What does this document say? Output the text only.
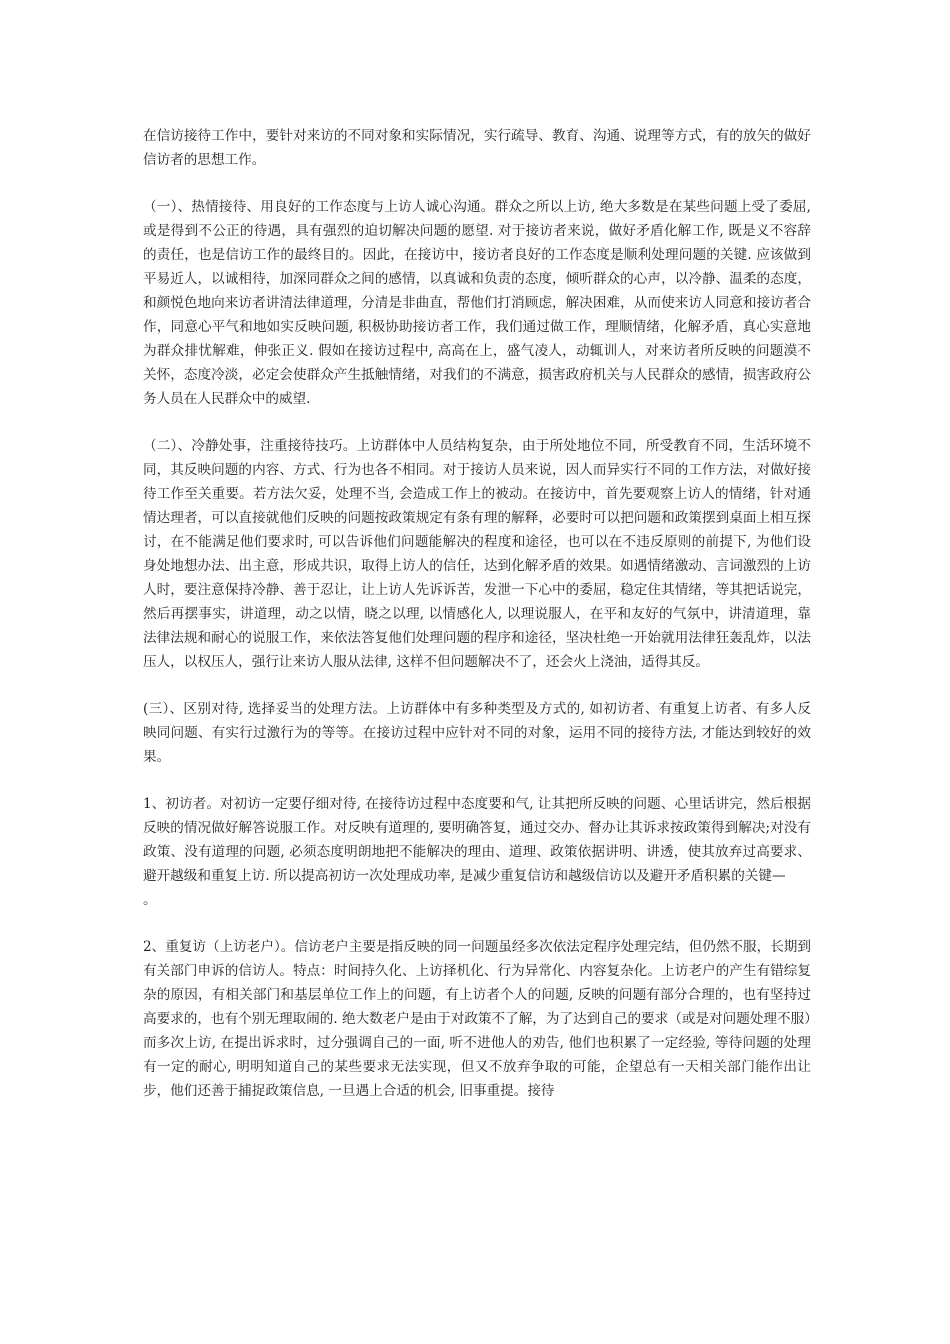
在信访接待工作中，要针对来访的不同对象和实际情况，实行疏导、教育、沟通、说理等方式，有的放矢的做好信访者的思想工作。

（一）、热情接待、用良好的工作态度与上访人诚心沟通。群众之所以上访, 绝大多数是在某些问题上受了委屈, 或是得到不公正的待遇，具有强烈的迫切解决问题的愿望. 对于接访者来说，做好矛盾化解工作, 既是义不容辞的责任，也是信访工作的最终目的。因此，在接访中，接访者良好的工作态度是顺利处理问题的关键. 应该做到平易近人，以诚相待，加深同群众之间的感情，以真诚和负责的态度，倾听群众的心声，以冷静、温柔的态度，和颜悦色地向来访者讲清法律道理，分清是非曲直，帮他们打消顾虑，解决困难，从而使来访人同意和接访者合作，同意心平气和地如实反映问题, 积极协助接访者工作，我们通过做工作，理顺情绪，化解矛盾，真心实意地为群众排忧解难，伸张正义. 假如在接访过程中, 高高在上，盛气凌人，动辄训人，对来访者所反映的问题漠不关怀，态度冷淡，必定会使群众产生抵触情绪，对我们的不满意，损害政府机关与人民群众的感情，损害政府公务人员在人民群众中的威望.

（二）、冷静处事，注重接待技巧。上访群体中人员结构复杂，由于所处地位不同，所受教育不同，生活环境不同，其反映问题的内容、方式、行为也各不相同。对于接访人员来说，因人而异实行不同的工作方法，对做好接待工作至关重要。若方法欠妥，处理不当, 会造成工作上的被动。在接访中，首先要观察上访人的情绪，针对通情达理者，可以直接就他们反映的问题按政策规定有条有理的解释，必要时可以把问题和政策摆到桌面上相互探讨，在不能满足他们要求时, 可以告诉他们问题能解决的程度和途径，也可以在不违反原则的前提下, 为他们设身处地想办法、出主意，形成共识，取得上访人的信任，达到化解矛盾的效果。如遇情绪激动、言词激烈的上访人时，要注意保持冷静、善于忍让，让上访人先诉诉苦，发泄一下心中的委屈，稳定住其情绪，等其把话说完，然后再摆事实，讲道理，动之以情，晓之以理, 以情感化人, 以理说服人，在平和友好的气氛中，讲清道理，靠法律法规和耐心的说服工作，来依法答复他们处理问题的程序和途径，坚决杜绝一开始就用法律狂轰乱炸，以法压人，以权压人，强行让来访人服从法律, 这样不但问题解决不了，还会火上浇油，适得其反。

(三）、区别对待, 选择妥当的处理方法。上访群体中有多种类型及方式的, 如初访者、有重复上访者、有多人反映同问题、有实行过激行为的等等。在接访过程中应针对不同的对象，运用不同的接待方法, 才能达到较好的效果。

1、初访者。对初访一定要仔细对待, 在接待访过程中态度要和气, 让其把所反映的问题、心里话讲完，然后根据反映的情况做好解答说服工作。对反映有道理的, 要明确答复，通过交办、督办让其诉求按政策得到解决;对没有政策、没有道理的问题, 必须态度明朗地把不能解决的理由、道理、政策依据讲明、讲透，使其放弃过高要求、避开越级和重复上访. 所以提高初访一次处理成功率, 是减少重复信访和越级信访以及避开矛盾积累的关键—
。

2、重复访（上访老户）。信访老户主要是指反映的同一问题虽经多次依法定程序处理完结，但仍然不服，长期到有关部门申诉的信访人。特点：时间持久化、上访择机化、行为异常化、内容复杂化。上访老户的产生有错综复杂的原因，有相关部门和基层单位工作上的问题，有上访者个人的问题, 反映的问题有部分合理的，也有坚持过高要求的，也有个别无理取闹的. 绝大数老户是由于对政策不了解，为了达到自己的要求（或是对问题处理不服）而多次上访, 在提出诉求时，过分强调自己的一面, 听不进他人的劝告, 他们也积累了一定经验, 等待问题的处理有一定的耐心, 明明知道自己的某些要求无法实现，但又不放弃争取的可能，企望总有一天相关部门能作出让步，他们还善于捕捉政策信息, 一旦遇上合适的机会, 旧事重提。接待
